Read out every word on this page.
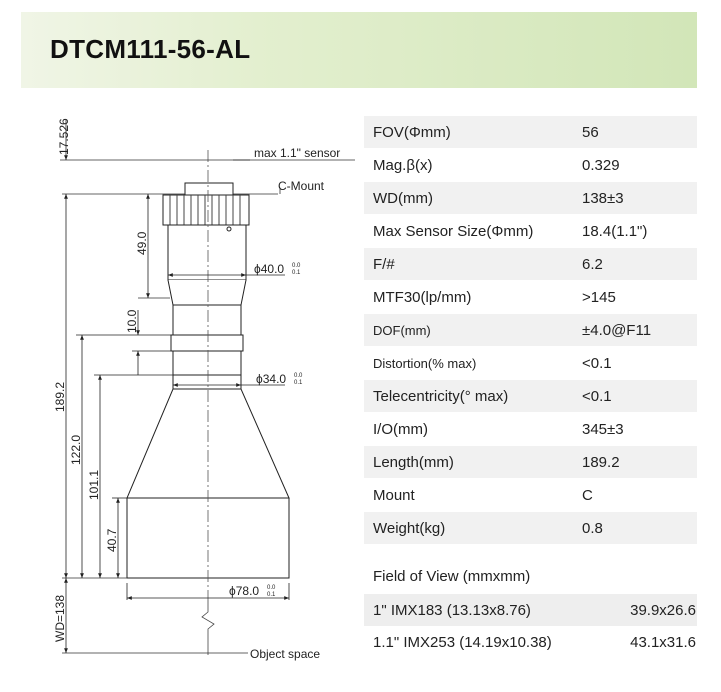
DTCM111-56-AL
max 1.1" sensor
C-Mount
Object space
17.526
49.0
10.0
189.2
122.0
101.1
40.7
WD=138
ϕ40.0 0.0
0.1
ϕ34.0 0.0
0.1
ϕ78.0 0.0
0.1
FOV(Φmm)	56
Mag.β(x)	0.329
WD(mm)	138±3
Max Sensor Size(Φmm)	18.4(1.1")
F/#	6.2
MTF30(lp/mm)	>145
DOF(mm)	±4.0@F11
Distortion(% max)	<0.1
Telecentricity(° max)	<0.1
I/O(mm)	345±3
Length(mm)	189.2
Mount	C
Weight(kg)	0.8
Field of View (mmxmm)
1" IMX183 (13.13x8.76)	39.9x26.6
1.1" IMX253 (14.19x10.38)	43.1x31.6
